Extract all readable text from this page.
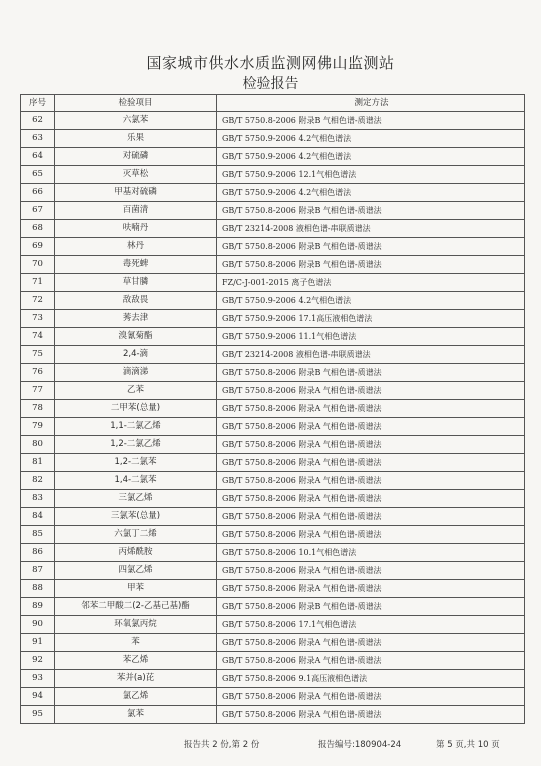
国家城市供水水质监测网佛山监测站
检验报告
序号	检验项目	测定方法
62	六氯苯	GB/T 5750.8-2006 附录B 气相色谱-质谱法
63	乐果	GB/T 5750.9-2006 4.2气相色谱法
64	对硫磷	GB/T 5750.9-2006 4.2气相色谱法
65	灭草松	GB/T 5750.9-2006 12.1气相色谱法
66	甲基对硫磷	GB/T 5750.9-2006 4.2气相色谱法
67	百菌清	GB/T 5750.8-2006 附录B 气相色谱-质谱法
68	呋喃丹	GB/T 23214-2008 液相色谱-串联质谱法
69	林丹	GB/T 5750.8-2006 附录B 气相色谱-质谱法
70	毒死蜱	GB/T 5750.8-2006 附录B 气相色谱-质谱法
71	草甘膦	FZ/C-J-001-2015 离子色谱法
72	敌敌畏	GB/T 5750.9-2006 4.2气相色谱法
73	莠去津	GB/T 5750.9-2006 17.1高压液相色谱法
74	溴氰菊酯	GB/T 5750.9-2006 11.1气相色谱法
75	2,4-滴	GB/T 23214-2008 液相色谱-串联质谱法
76	滴滴涕	GB/T 5750.8-2006 附录B 气相色谱-质谱法
77	乙苯	GB/T 5750.8-2006 附录A 气相色谱-质谱法
78	二甲苯(总量)	GB/T 5750.8-2006 附录A 气相色谱-质谱法
79	1,1-二氯乙烯	GB/T 5750.8-2006 附录A 气相色谱-质谱法
80	1,2-二氯乙烯	GB/T 5750.8-2006 附录A 气相色谱-质谱法
81	1,2-二氯苯	GB/T 5750.8-2006 附录A 气相色谱-质谱法
82	1,4-二氯苯	GB/T 5750.8-2006 附录A 气相色谱-质谱法
83	三氯乙烯	GB/T 5750.8-2006 附录A 气相色谱-质谱法
84	三氯苯(总量)	GB/T 5750.8-2006 附录A 气相色谱-质谱法
85	六氯丁二烯	GB/T 5750.8-2006 附录A 气相色谱-质谱法
86	丙烯酰胺	GB/T 5750.8-2006 10.1气相色谱法
87	四氯乙烯	GB/T 5750.8-2006 附录A 气相色谱-质谱法
88	甲苯	GB/T 5750.8-2006 附录A 气相色谱-质谱法
89	邻苯二甲酸二(2-乙基己基)酯	GB/T 5750.8-2006 附录B 气相色谱-质谱法
90	环氧氯丙烷	GB/T 5750.8-2006 17.1气相色谱法
91	苯	GB/T 5750.8-2006 附录A 气相色谱-质谱法
92	苯乙烯	GB/T 5750.8-2006 附录A 气相色谱-质谱法
93	苯并(a)芘	GB/T 5750.8-2006 9.1高压液相色谱法
94	氯乙烯	GB/T 5750.8-2006 附录A 气相色谱-质谱法
95	氯苯	GB/T 5750.8-2006 附录A 气相色谱-质谱法
报告共 2 份,第 2 份	报告编号:180904-24	第 5 页,共 10 页
